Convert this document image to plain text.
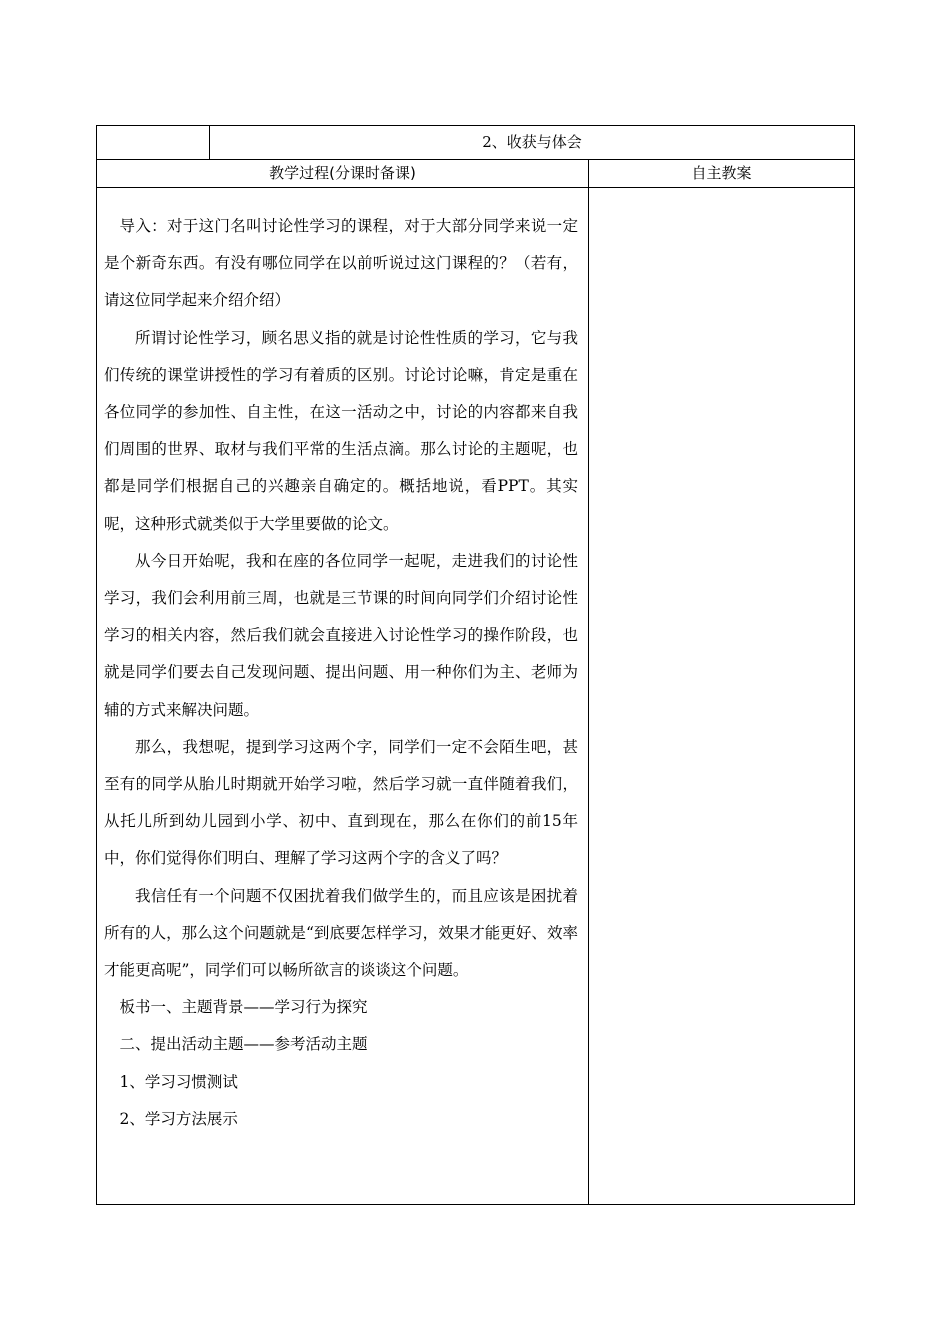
2、收获与体会
教学过程(分课时备课)	自主教案

导入：对于这门名叫讨论性学习的课程，对于大部分同学来说一定是个新奇东西。有没有哪位同学在以前听说过这门课程的？（若有，请这位同学起来介绍介绍）

所谓讨论性学习，顾名思义指的就是讨论性性质的学习，它与我们传统的课堂讲授性的学习有着质的区别。讨论讨论嘛，肯定是重在各位同学的参加性、自主性，在这一活动之中，讨论的内容都来自我们周围的世界、取材与我们平常的生活点滴。那么讨论的主题呢，也都是同学们根据自己的兴趣亲自确定的。概括地说，看PPT。其实呢，这种形式就类似于大学里要做的论文。

从今日开始呢，我和在座的各位同学一起呢，走进我们的讨论性学习，我们会利用前三周，也就是三节课的时间向同学们介绍讨论性学习的相关内容，然后我们就会直接进入讨论性学习的操作阶段，也就是同学们要去自己发现问题、提出问题、用一种你们为主、老师为辅的方式来解决问题。

那么，我想呢，提到学习这两个字，同学们一定不会陌生吧，甚至有的同学从胎儿时期就开始学习啦，然后学习就一直伴随着我们，从托儿所到幼儿园到小学、初中、直到现在，那么在你们的前15年中，你们觉得你们明白、理解了学习这两个字的含义了吗？

我信任有一个问题不仅困扰着我们做学生的，而且应该是困扰着所有的人，那么这个问题就是“到底要怎样学习，效果才能更好、效率才能更高呢”，同学们可以畅所欲言的谈谈这个问题。

板书一、主题背景——学习行为探究

二、提出活动主题——参考活动主题

1、学习习惯测试

2、学习方法展示
